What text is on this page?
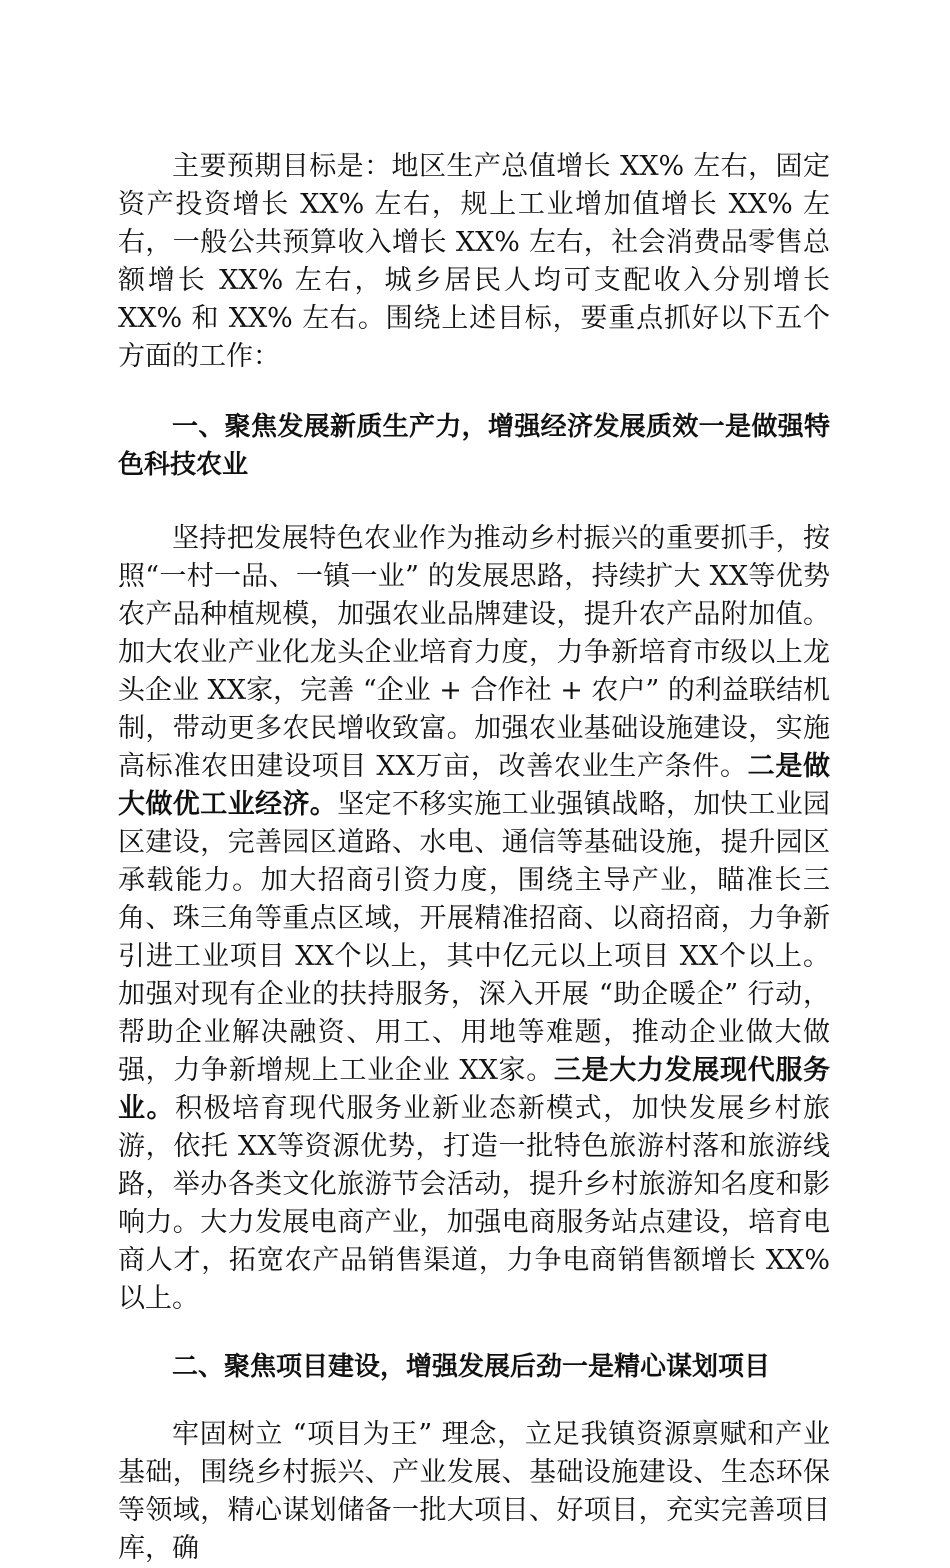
主要预期目标是：地区生产总值增长 XX% 左右，固定资产投资增长 XX% 左右，规上工业增加值增长 XX% 左右，一般公共预算收入增长 XX% 左右，社会消费品零售总额增长 XX% 左右，城乡居民人均可支配收入分别增长 XX% 和 XX% 左右。围绕上述目标，要重点抓好以下五个方面的工作：

一、聚焦发展新质生产力，增强经济发展质效一是做强特色科技农业

坚持把发展特色农业作为推动乡村振兴的重要抓手，按照“一村一品、一镇一业” 的发展思路，持续扩大 XX等优势农产品种植规模，加强农业品牌建设，提升农产品附加值。加大农业产业化龙头企业培育力度，力争新培育市级以上龙头企业 XX家，完善 “企业 + 合作社 + 农户” 的利益联结机制，带动更多农民增收致富。加强农业基础设施建设，实施高标准农田建设项目 XX万亩，改善农业生产条件。二是做大做优工业经济。坚定不移实施工业强镇战略，加快工业园区建设，完善园区道路、水电、通信等基础设施，提升园区承载能力。加大招商引资力度，围绕主导产业，瞄准长三角、珠三角等重点区域，开展精准招商、以商招商，力争新引进工业项目 XX个以上，其中亿元以上项目 XX个以上。加强对现有企业的扶持服务，深入开展 “助企暖企” 行动，帮助企业解决融资、用工、用地等难题，推动企业做大做强，力争新增规上工业企业 XX家。三是大力发展现代服务业。积极培育现代服务业新业态新模式，加快发展乡村旅游，依托 XX等资源优势，打造一批特色旅游村落和旅游线路，举办各类文化旅游节会活动，提升乡村旅游知名度和影响力。大力发展电商产业，加强电商服务站点建设，培育电商人才，拓宽农产品销售渠道，力争电商销售额增长 XX% 以上。

二、聚焦项目建设，增强发展后劲一是精心谋划项目

牢固树立 “项目为王” 理念，立足我镇资源禀赋和产业基础，围绕乡村振兴、产业发展、基础设施建设、生态环保等领域，精心谋划储备一批大项目、好项目，充实完善项目库，确
